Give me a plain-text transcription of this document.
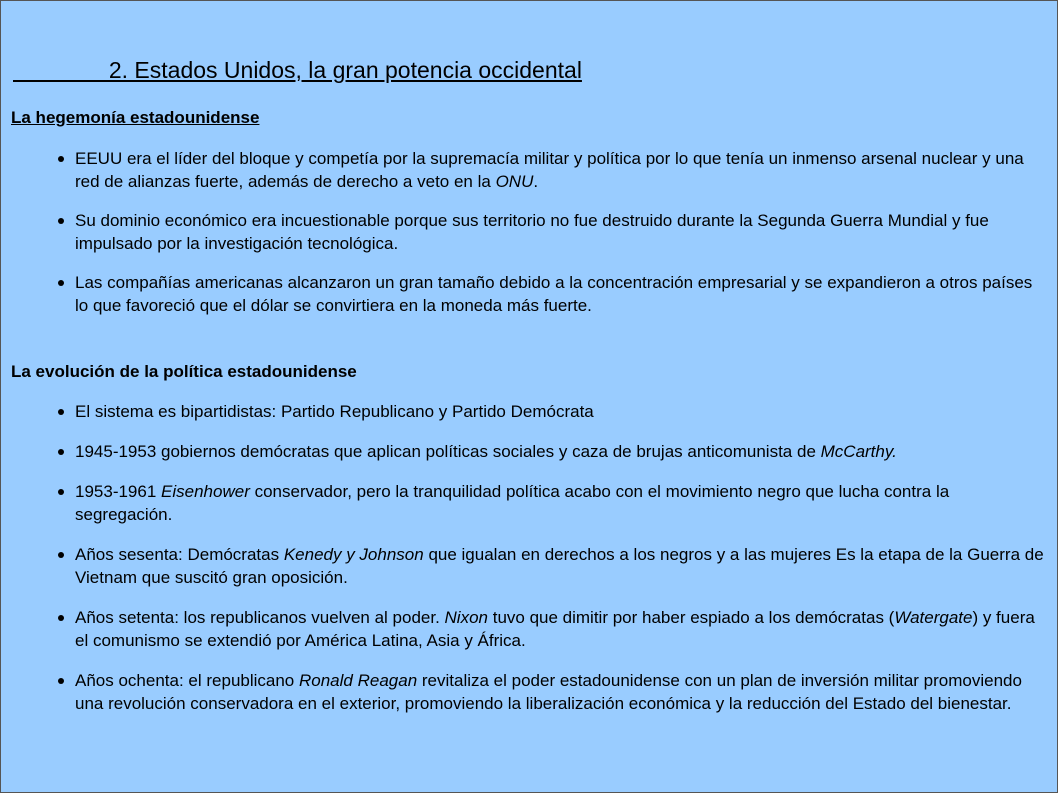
2. Estados Unidos, la gran potencia occidental
La hegemonía estadounidense
EEUU era el líder del bloque y competía por la supremacía militar y política por lo que tenía un inmenso arsenal nuclear y una red de alianzas fuerte, además de derecho a veto en la ONU.
Su dominio económico era incuestionable porque sus territorio no fue destruido durante la Segunda Guerra Mundial y fue impulsado por la investigación tecnológica.
Las compañías americanas alcanzaron un gran tamaño debido a la concentración empresarial y se expandieron a otros países lo que favoreció que el dólar se convirtiera en la moneda más fuerte.
La evolución de la política estadounidense
El sistema es bipartidistas: Partido Republicano y Partido Demócrata
1945-1953 gobiernos demócratas que aplican políticas sociales y caza de brujas anticomunista de McCarthy.
1953-1961 Eisenhower conservador, pero la tranquilidad política acabo con el movimiento negro que lucha contra la segregación.
Años sesenta: Demócratas Kenedy y Johnson que igualan en derechos a los negros y a las mujeres Es la etapa de la Guerra de Vietnam que suscitó gran oposición.
Años setenta: los republicanos vuelven al poder. Nixon tuvo que dimitir por haber espiado a los demócratas (Watergate) y fuera el comunismo se extendió por América Latina, Asia y África.
Años ochenta: el republicano Ronald Reagan revitaliza el poder estadounidense con un plan de inversión militar promoviendo una revolución conservadora en el exterior, promoviendo la liberalización económica y la reducción del Estado del bienestar.
